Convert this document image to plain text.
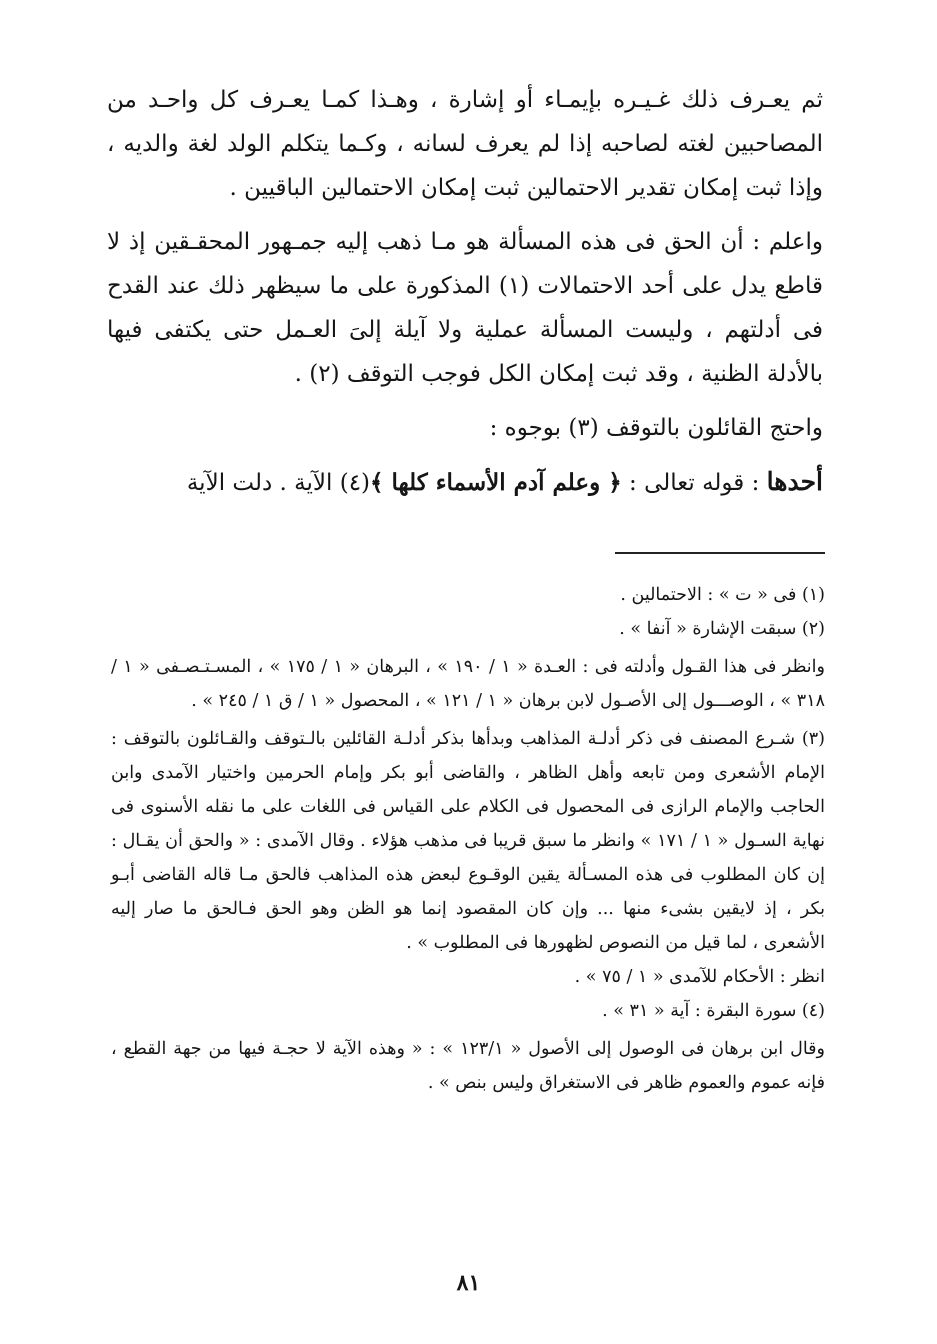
ثم يعـرف ذلك غـيـره بإيمـاء أو إشارة ، وهـذا كمـا يعـرف كل واحـد من المصاحبين لغته لصاحبه إذا لم يعرف لسانه ، وكـما يتكلم الولد لغة والديه ، وإذا ثبت إمكان تقدير الاحتمالين ثبت إمكان الاحتمالين الباقيين .

واعلم : أن الحق فى هذه المسألة هو مـا ذهب إليه جمـهور المحقـقين إذ لا قاطع يدل على أحد الاحتمالات (١) المذكورة على ما سيظهر ذلك عند القدح فى أدلتهم ، وليست المسألة عملية ولا آيلة إلىَ العـمل حتى يكتفى فيها بالأدلة الظنية ، وقد ثبت إمكان الكل فوجب التوقف (٢) .

واحتج القائلون بالتوقف (٣) بوجوه :

أحدها : قوله تعالى : ﴿ وعلم آدم الأسماء كلها ﴾(٤) الآية . دلت الآية

(١) فى « ت » : الاحتمالين .

(٢) سبقت الإشارة « آنفا » .

وانظر فى هذا القـول وأدلته فى : العـدة « ١ / ١٩٠ » ، البرهان « ١ / ١٧٥ » ، المسـتـصـفى « ١ /٣١٨ » ، الوصـــول إلى الأصـول لابن برهان « ١ / ١٢١ » ، المحصول « ١ / ق ١ / ٢٤٥ » .

(٣) شـرع المصنف فى ذكر أدلـة المذاهب وبدأها بذكر أدلـة القائلين بالـتوقف والقـائلون بالتوقف : الإمام الأشعرى ومن تابعه وأهل الظاهر ، والقاضى أبو بكر وإمام الحرمين واختيار الآمدى وابن الحاجب والإمام الرازى فى المحصول فى الكلام على القياس فى اللغات على ما نقله الأسنوى فى نهاية السـول « ١ / ١٧١ » وانظر ما سبق قريبا فى مذهب هؤلاء . وقال الآمدى : « والحق أن يقـال : إن كان المطلوب فى هذه المسـألة يقين الوقـوع لبعض هذه المذاهب فالحق مـا قاله القاضى أبـو بكر ، إذ لايقين بشىء منها ... وإن كان المقصود إنما هو الظن وهو الحق فـالحق ما صار إليه الأشعرى ، لما قيل من النصوص لظهورها فى المطلوب » .

انظر : الأحكام للآمدى « ١ / ٧٥ » .

(٤) سورة البقرة : آية « ٣١ » .

وقال ابن برهان فى الوصول إلى الأصول « ١٢٣/١ » : « وهذه الآية لا حجـة فيها من جهة القطع ، فإنه عموم والعموم ظاهر فى الاستغراق وليس بنص » .

٨١
